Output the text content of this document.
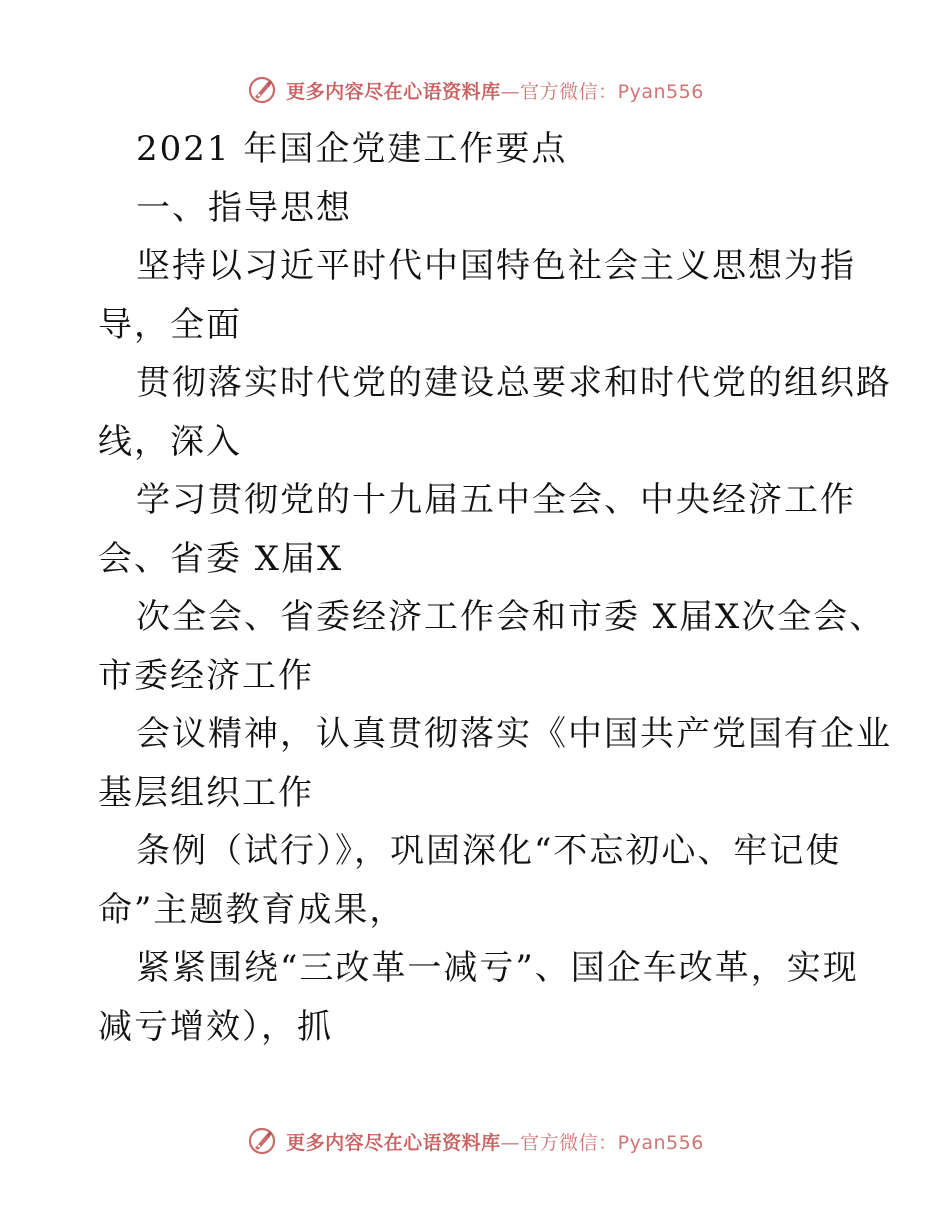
更多内容尽在心语资料库—官方微信：Pyan556
2021 年国企党建工作要点
一、指导思想
坚持以习近平时代中国特色社会主义思想为指
导，全面
贯彻落实时代党的建设总要求和时代党的组织路
线，深入
学习贯彻党的十九届五中全会、中央经济工作
会、省委 X届X
次全会、省委经济工作会和市委 X届X次全会、
市委经济工作
会议精神，认真贯彻落实《中国共产党国有企业
基层组织工作
条例（试行）》，巩固深化“不忘初心、牢记使
命”主题教育成果，
紧紧围绕“三改革一减亏”、国企车改革，实现
减亏增效），抓
更多内容尽在心语资料库—官方微信：Pyan556
